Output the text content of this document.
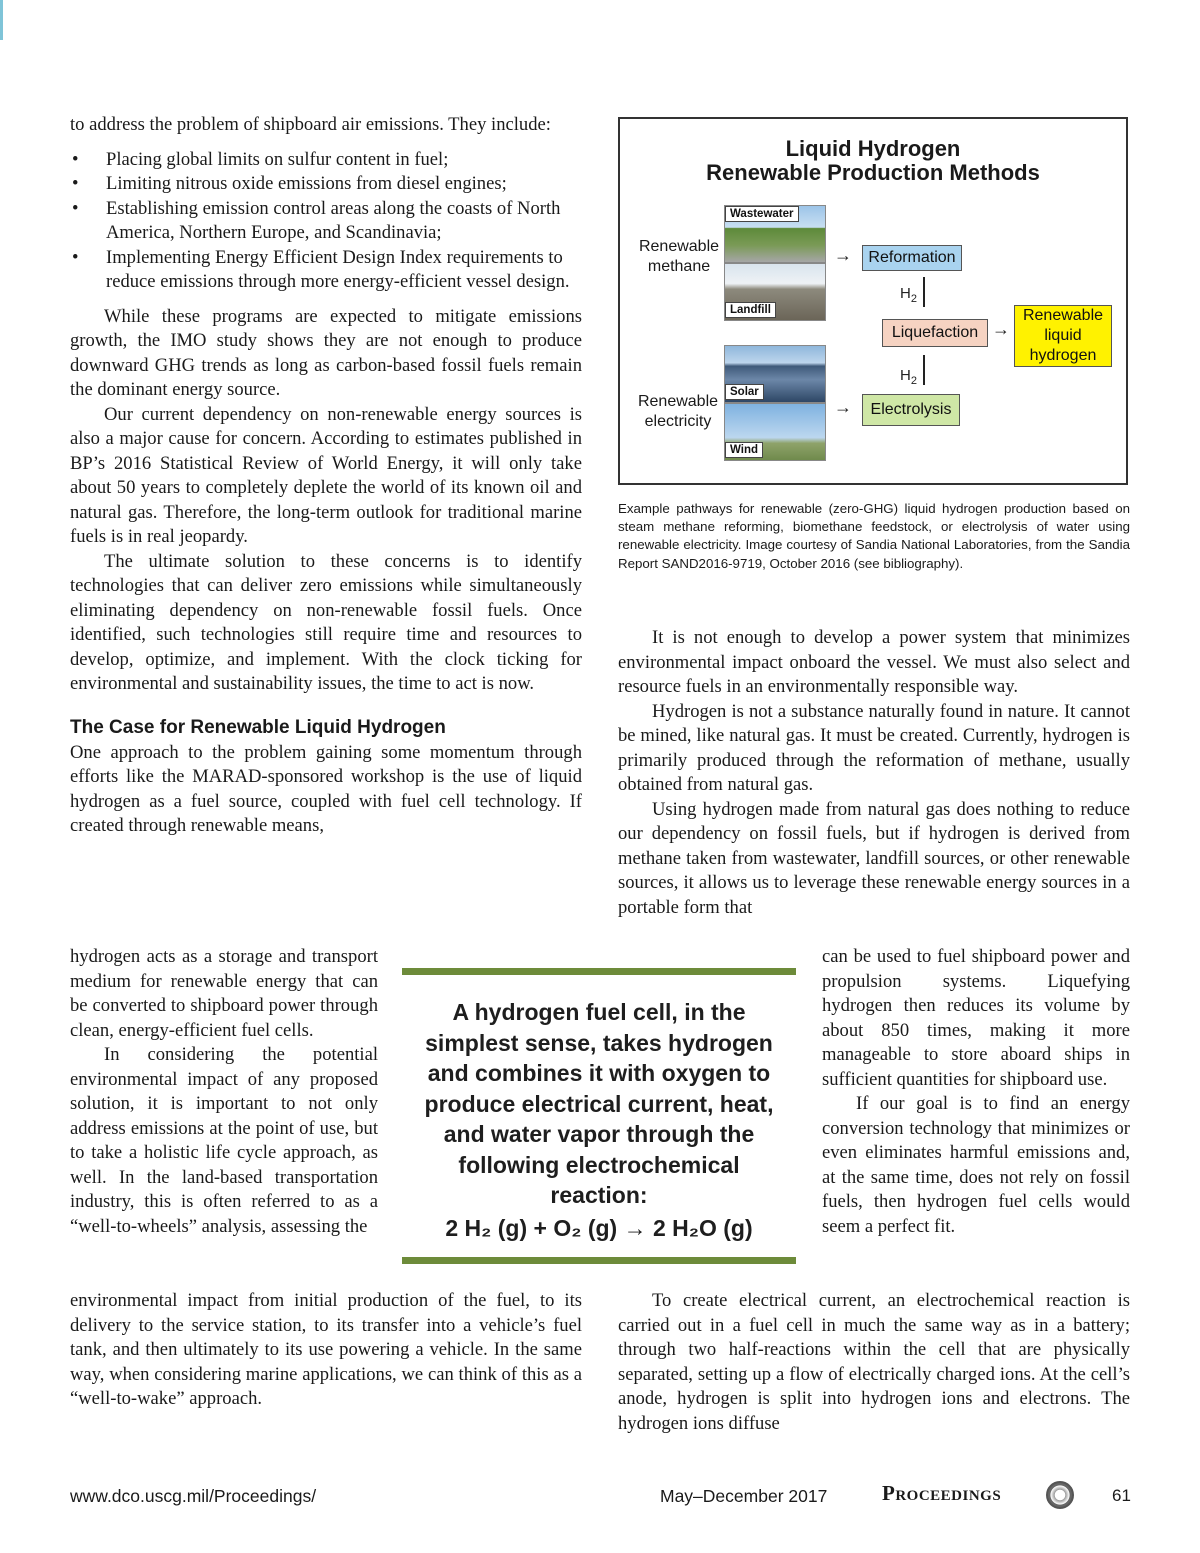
to address the problem of shipboard air emissions. They include:

• Placing global limits on sulfur content in fuel;
• Limiting nitrous oxide emissions from diesel engines;
• Establishing emission control areas along the coasts of North America, Northern Europe, and Scandinavia;
• Implementing Energy Efficient Design Index requirements to reduce emissions through more energy-efficient vessel design.

While these programs are expected to mitigate emissions growth, the IMO study shows they are not enough to produce downward GHG trends as long as carbon-based fossil fuels remain the dominant energy source.

Our current dependency on non-renewable energy sources is also a major cause for concern. According to estimates published in BP’s 2016 Statistical Review of World Energy, it will only take about 50 years to completely deplete the world of its known oil and natural gas. Therefore, the long-term outlook for traditional marine fuels is in real jeopardy.

The ultimate solution to these concerns is to identify technologies that can deliver zero emissions while simultaneously eliminating dependency on non-renewable fossil fuels. Once identified, such technologies still require time and resources to develop, optimize, and implement. With the clock ticking for environmental and sustainability issues, the time to act is now.

The Case for Renewable Liquid Hydrogen

One approach to the problem gaining some momentum through efforts like the MARAD-sponsored workshop is the use of liquid hydrogen as a fuel source, coupled with fuel cell technology. If created through renewable means,

hydrogen acts as a storage and transport medium for renewable energy that can be converted to shipboard power through clean, energy-efficient fuel cells.

In considering the potential environmental impact of any proposed solution, it is important to not only address emissions at the point of use, but to take a holistic life cycle approach, as well. In the land-based transportation industry, this is often referred to as a “well-to-wheels” analysis, assessing the

environmental impact from initial production of the fuel, to its delivery to the service station, to its transfer into a vehicle’s fuel tank, and then ultimately to its use powering a vehicle. In the same way, when considering marine applications, we can think of this as a “well-to-wake” approach.

Liquid Hydrogen
Renewable Production Methods
Renewable methane
Renewable electricity
Wastewater
Landfill
Solar
Wind
→
→
Reformation
Liquefaction
Electrolysis
Renewable liquid hydrogen
→
$H_2$
$H_2$
Example pathways for renewable (zero-GHG) liquid hydrogen production based on steam methane reforming, biomethane feedstock, or electrolysis of water using renewable electricity. Image courtesy of Sandia National Laboratories, from the Sandia Report SAND2016-9719, October 2016 (see bibliography).

It is not enough to develop a power system that minimizes environmental impact onboard the vessel. We must also select and resource fuels in an environmentally responsible way.

Hydrogen is not a substance naturally found in nature. It cannot be mined, like natural gas. It must be created. Currently, hydrogen is primarily produced through the reformation of methane, usually obtained from natural gas.

Using hydrogen made from natural gas does nothing to reduce our dependency on fossil fuels, but if hydrogen is derived from methane taken from wastewater, landfill sources, or other renewable sources, it allows us to leverage these renewable energy sources in a portable form that

can be used to fuel shipboard power and propulsion systems. Liquefying hydrogen then reduces its volume by about 850 times, making it more manageable to store aboard ships in sufficient quantities for shipboard use.

If our goal is to find an energy conversion technology that minimizes or even eliminates harmful emissions and, at the same time, does not rely on fossil fuels, then hydrogen fuel cells would seem a perfect fit.

To create electrical current, an electrochemical reaction is carried out in a fuel cell in much the same way as in a battery; through two half-reactions within the cell that are physically separated, setting up a flow of electrically charged ions. At the cell’s anode, hydrogen is split into hydrogen ions and electrons. The hydrogen ions diffuse

A hydrogen fuel cell, in the simplest sense, takes hydrogen and combines it with oxygen to produce electrical current, heat, and water vapor through the following electrochemical reaction:
2 H₂ (g) + O₂ (g) → 2 H₂O (g)
www.dco.uscg.mil/Proceedings/	May–December 2017	Proceedings	61
